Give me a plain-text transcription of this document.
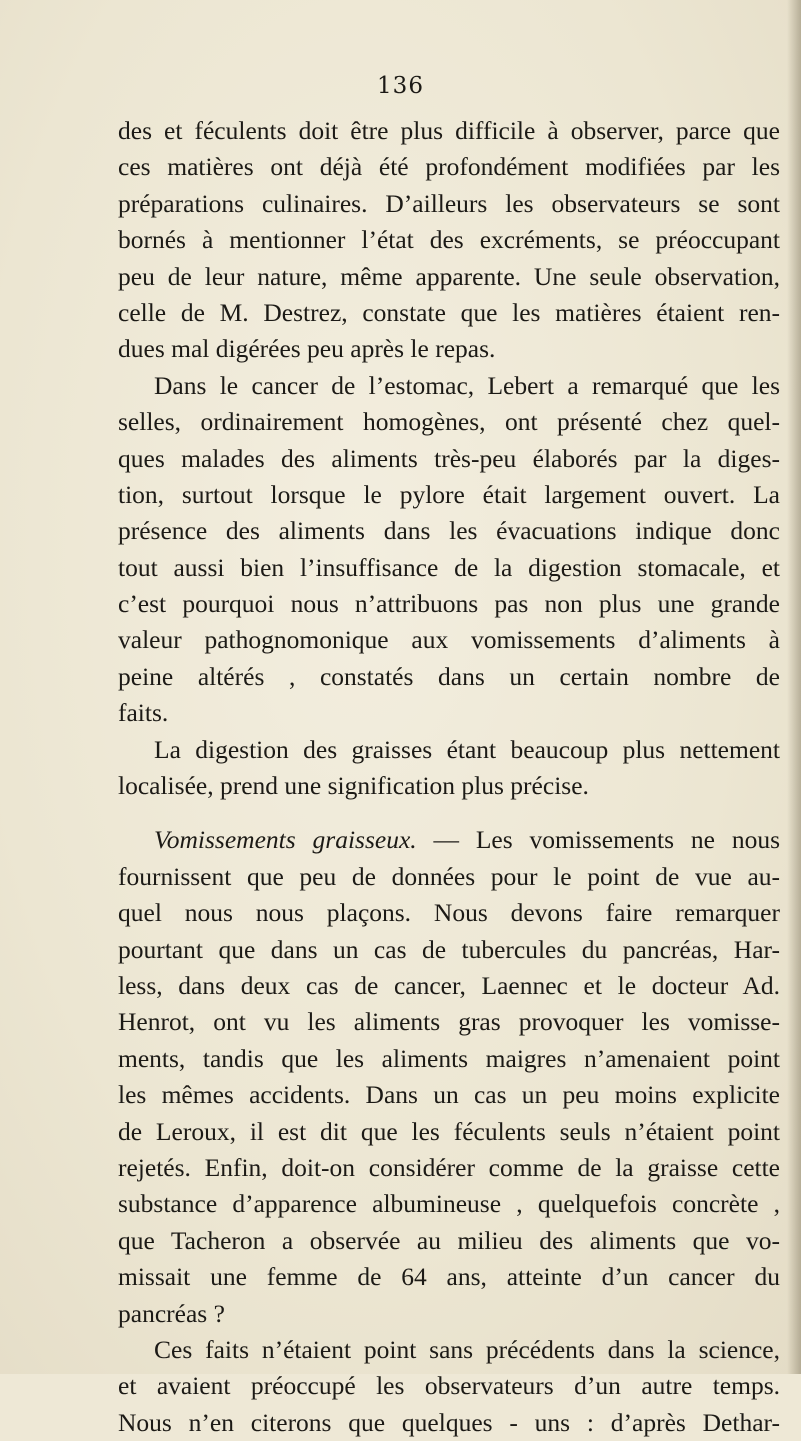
136
des et féculents doit être plus difficile à observer, parce que
ces matières ont déjà été profondément modifiées par les
préparations culinaires. D’ailleurs les observateurs se sont
bornés à mentionner l’état des excréments, se préoccupant
peu de leur nature, même apparente. Une seule observation,
celle de M. Destrez, constate que les matières étaient ren-
dues mal digérées peu après le repas.
Dans le cancer de l’estomac, Lebert a remarqué que les
selles, ordinairement homogènes, ont présenté chez quel-
ques malades des aliments très-peu élaborés par la diges-
tion, surtout lorsque le pylore était largement ouvert. La
présence des aliments dans les évacuations indique donc
tout aussi bien l’insuffisance de la digestion stomacale, et
c’est pourquoi nous n’attribuons pas non plus une grande
valeur pathognomonique aux vomissements d’aliments à
peine altérés , constatés dans un certain nombre de
faits.
La digestion des graisses étant beaucoup plus nettement
localisée, prend une signification plus précise.
Vomissements graisseux. — Les vomissements ne nous
fournissent que peu de données pour le point de vue au-
quel nous nous plaçons. Nous devons faire remarquer
pourtant que dans un cas de tubercules du pancréas, Har-
less, dans deux cas de cancer, Laennec et le docteur Ad.
Henrot, ont vu les aliments gras provoquer les vomisse-
ments, tandis que les aliments maigres n’amenaient point
les mêmes accidents. Dans un cas un peu moins explicite
de Leroux, il est dit que les féculents seuls n’étaient point
rejetés. Enfin, doit-on considérer comme de la graisse cette
substance d’apparence albumineuse , quelquefois concrète ,
que Tacheron a observée au milieu des aliments que vo-
missait une femme de 64 ans, atteinte d’un cancer du
pancréas ?
Ces faits n’étaient point sans précédents dans la science,
et avaient préoccupé les observateurs d’un autre temps.
Nous n’en citerons que quelques - uns : d’après Dethar-
